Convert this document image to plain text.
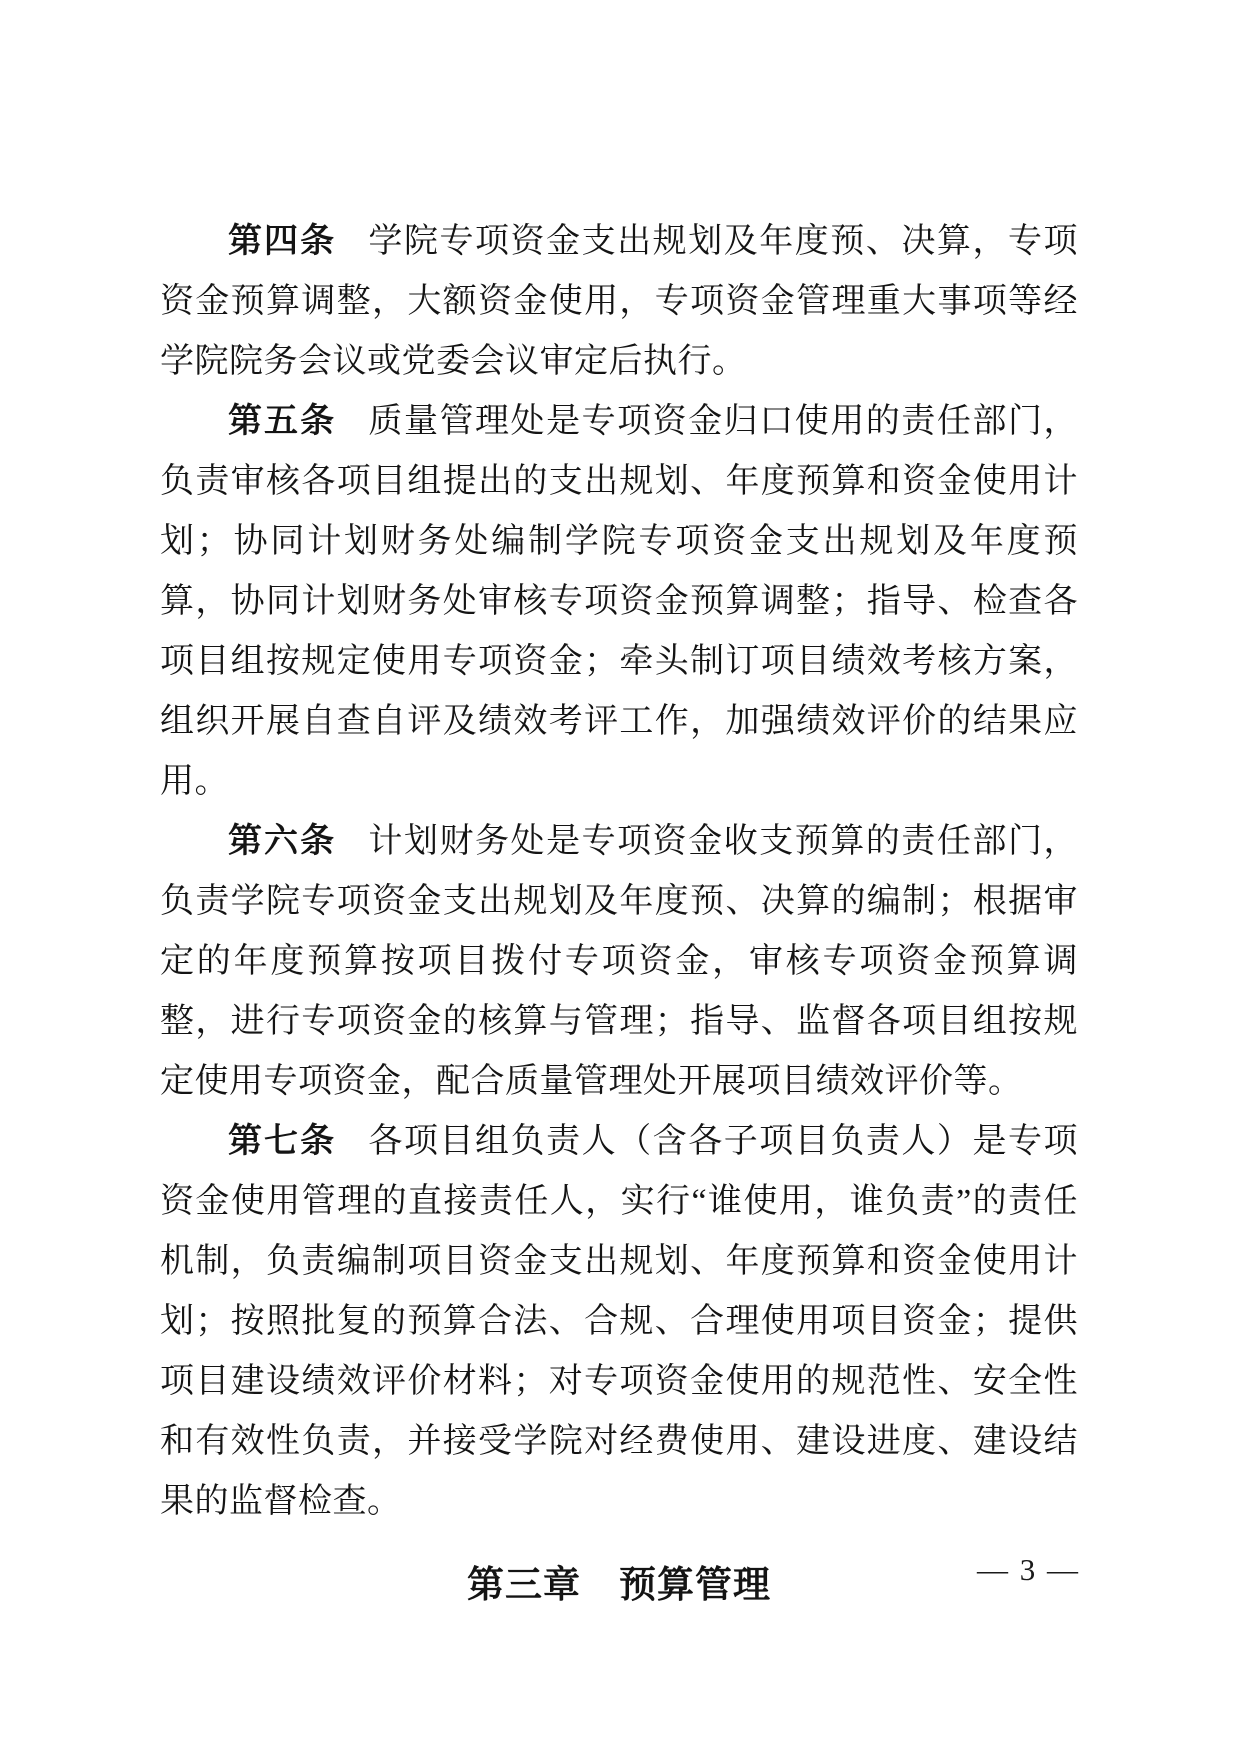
第四条 学院专项资金支出规划及年度预、决算，专项资金预算调整，大额资金使用，专项资金管理重大事项等经学院院务会议或党委会议审定后执行。

第五条 质量管理处是专项资金归口使用的责任部门，负责审核各项目组提出的支出规划、年度预算和资金使用计划；协同计划财务处编制学院专项资金支出规划及年度预算，协同计划财务处审核专项资金预算调整；指导、检查各项目组按规定使用专项资金；牵头制订项目绩效考核方案，组织开展自查自评及绩效考评工作，加强绩效评价的结果应用。

第六条 计划财务处是专项资金收支预算的责任部门，负责学院专项资金支出规划及年度预、决算的编制；根据审定的年度预算按项目拨付专项资金，审核专项资金预算调整，进行专项资金的核算与管理；指导、监督各项目组按规定使用专项资金，配合质量管理处开展项目绩效评价等。

第七条 各项目组负责人（含各子项目负责人）是专项资金使用管理的直接责任人，实行“谁使用，谁负责”的责任机制，负责编制项目资金支出规划、年度预算和资金使用计划；按照批复的预算合法、合规、合理使用项目资金；提供项目建设绩效评价材料；对专项资金使用的规范性、安全性和有效性负责，并接受学院对经费使用、建设进度、建设结果的监督检查。

第三章　预算管理	— 3 —
